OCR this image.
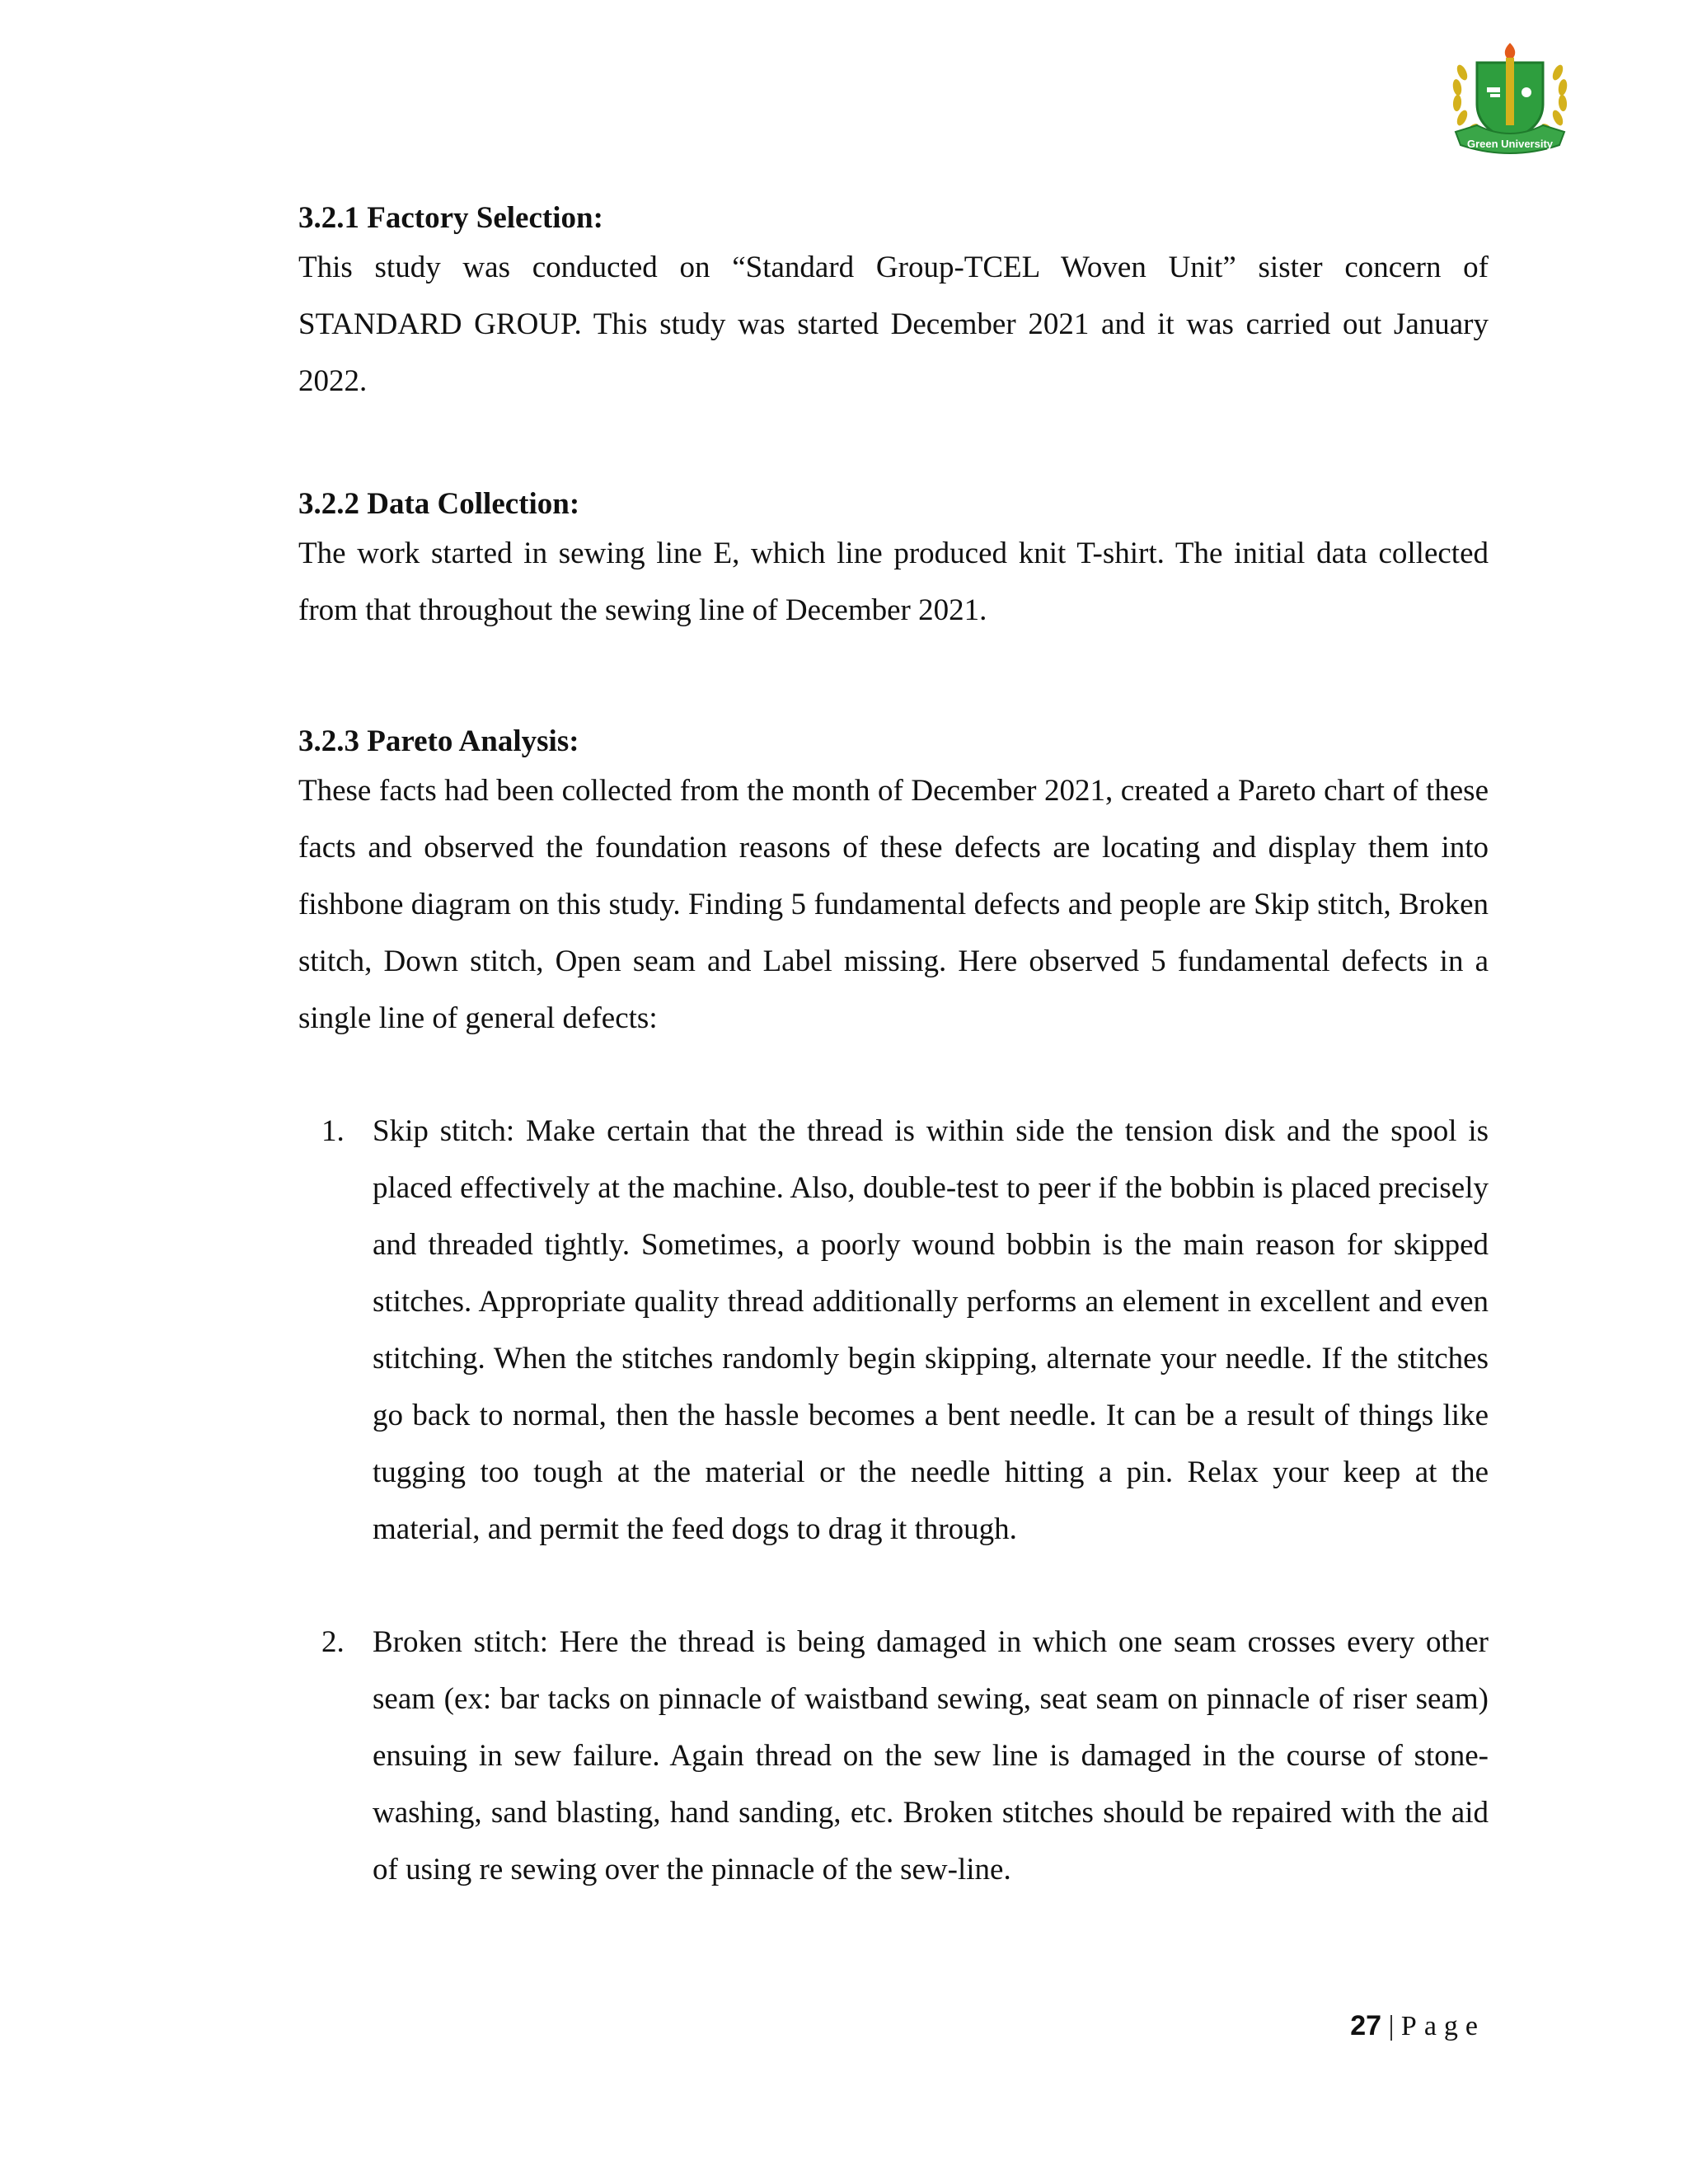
Green University
3.2.1 Factory Selection:

This study was conducted on “Standard Group-TCEL Woven Unit” sister concern of STANDARD GROUP. This study was started December 2021 and it was carried out January 2022.

3.2.2 Data Collection:

The work started in sewing line E, which line produced knit T-shirt. The initial data collected from that throughout the sewing line of December 2021.

3.2.3 Pareto Analysis:

These facts had been collected from the month of December 2021, created a Pareto chart of these facts and observed the foundation reasons of these defects are locating and display them into fishbone diagram on this study. Finding 5 fundamental defects and people are Skip stitch, Broken stitch, Down stitch, Open seam and Label missing. Here observed 5 fundamental defects in a single line of general defects:

1. Skip stitch: Make certain that the thread is within side the tension disk and the spool is placed effectively at the machine. Also, double-test to peer if the bobbin is placed precisely and threaded tightly. Sometimes, a poorly wound bobbin is the main reason for skipped stitches. Appropriate quality thread additionally performs an element in excellent and even stitching. When the stitches randomly begin skipping, alternate your needle. If the stitches go back to normal, then the hassle becomes a bent needle. It can be a result of things like tugging too tough at the material or the needle hitting a pin. Relax your keep at the material, and permit the feed dogs to drag it through.
2. Broken stitch: Here the thread is being damaged in which one seam crosses every other seam (ex: bar tacks on pinnacle of waistband sewing, seat seam on pinnacle of riser seam) ensuing in sew failure. Again thread on the sew line is damaged in the course of stone-washing, sand blasting, hand sanding, etc. Broken stitches should be repaired with the aid of using re sewing over the pinnacle of the sew-line.
27 | Page
